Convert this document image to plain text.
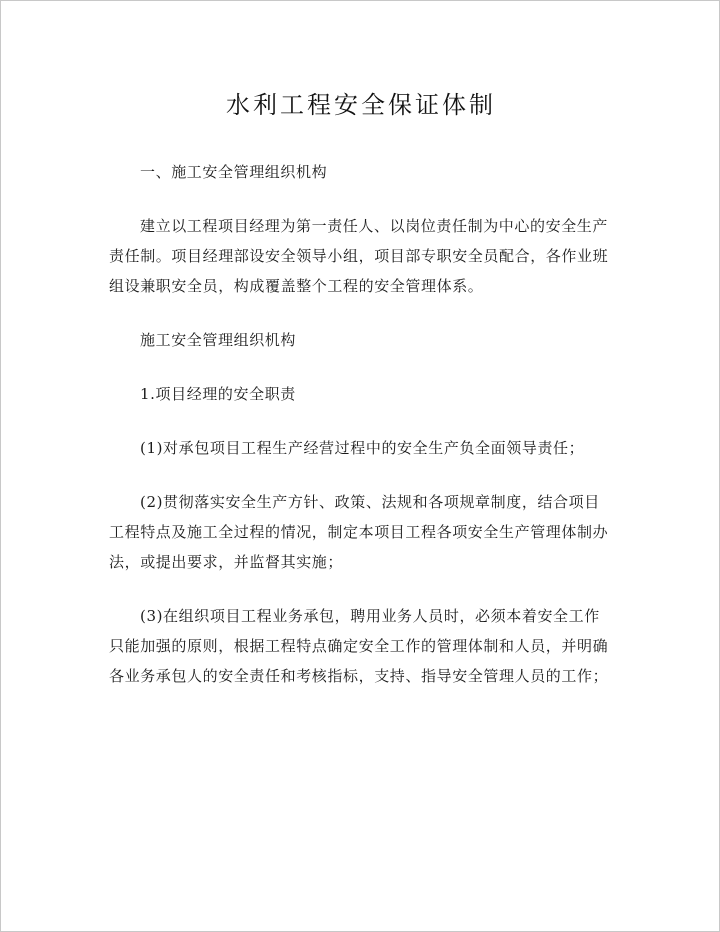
水利工程安全保证体制

一、施工安全管理组织机构

建立以工程项目经理为第一责任人、以岗位责任制为中心的安全生产责任制。项目经理部设安全领导小组，项目部专职安全员配合，各作业班组设兼职安全员，构成覆盖整个工程的安全管理体系。

施工安全管理组织机构

1.项目经理的安全职责

(1)对承包项目工程生产经营过程中的安全生产负全面领导责任；

(2)贯彻落实安全生产方针、政策、法规和各项规章制度，结合项目工程特点及施工全过程的情况，制定本项目工程各项安全生产管理体制办法，或提出要求，并监督其实施；

(3)在组织项目工程业务承包，聘用业务人员时，必须本着安全工作只能加强的原则，根据工程特点确定安全工作的管理体制和人员，并明确各业务承包人的安全责任和考核指标，支持、指导安全管理人员的工作；
